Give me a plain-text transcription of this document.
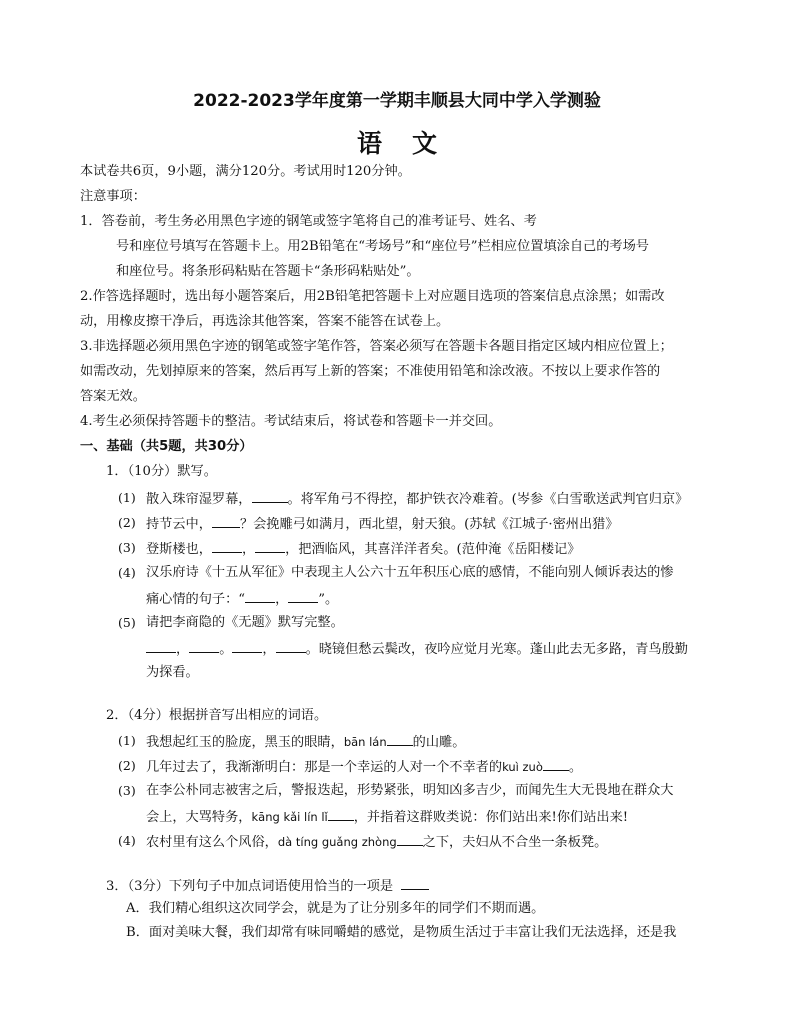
2022-2023学年度第一学期丰顺县大同中学入学测验
语文
本试卷共6页，9小题，满分120分。考试用时120分钟。
注意事项：
1．答卷前，考生务必用黑色字迹的钢笔或签字笔将自己的准考证号、姓名、考
号和座位号填写在答题卡上。用2B铅笔在“考场号”和“座位号”栏相应位置填涂自己的考场号
和座位号。将条形码粘贴在答题卡“条形码粘贴处”。
2.作答选择题时，选出每小题答案后，用2B铅笔把答题卡上对应题目选项的答案信息点涂黑；如需改
动，用橡皮擦干净后，再选涂其他答案，答案不能答在试卷上。
3.非选择题必须用黑色字迹的钢笔或签字笔作答，答案必须写在答题卡各题目指定区域内相应位置上；
如需改动，先划掉原来的答案，然后再写上新的答案；不准使用铅笔和涂改液。不按以上要求作答的
答案无效。
4.考生必须保持答题卡的整洁。考试结束后，将试卷和答题卡一并交回。
一、基础（共5题，共30分）
1．（10分）默写。
(1) 散入珠帘湿罗幕，	。将军角弓不得控，都护铁衣冷难着。(岑参《白雪歌送武判官归京》
(2) 持节云中， ？会挽雕弓如满月，西北望，射天狼。(苏轼《江城子·密州出猎》
(3) 登斯楼也， ， ，把酒临风，其喜洋洋者矣。(范仲淹《岳阳楼记》
(4) 汉乐府诗《十五从军征》中表现主人公六十五年积压心底的感情，不能向别人倾诉表达的惨
痛心情的句子：“ ， ”。
(5) 请把李商隐的《无题》默写完整。
， 。 ， 。晓镜但愁云鬓改，夜吟应觉月光寒。蓬山此去无多路，青鸟殷勤
为探看。
2．（4分）根据拼音写出相应的词语。
(1) 我想起红玉的脸庞，黑玉的眼睛，bān lán 的山雕。
(2) 几年过去了，我渐渐明白：那是一个幸运的人对一个不幸者的kuì zuò 。
(3) 在李公朴同志被害之后，警报迭起，形势紧张，明知凶多吉少，而闻先生大无畏地在群众大
会上，大骂特务，kāng kǎi lín lǐ ，并指着这群败类说：你们站出来!你们站出来!
(4) 农村里有这么个风俗，dà tíng guǎng zhòng 之下，夫妇从不合坐一条板凳。
3．（3分）下列句子中加点词语使用恰当的一项是
A．我们精心组织这次同学会，就是为了让分别多年的同学们不期而遇。
B．面对美味大餐，我们却常有味同嚼蜡的感觉，是物质生活过于丰富让我们无法选择，还是我
